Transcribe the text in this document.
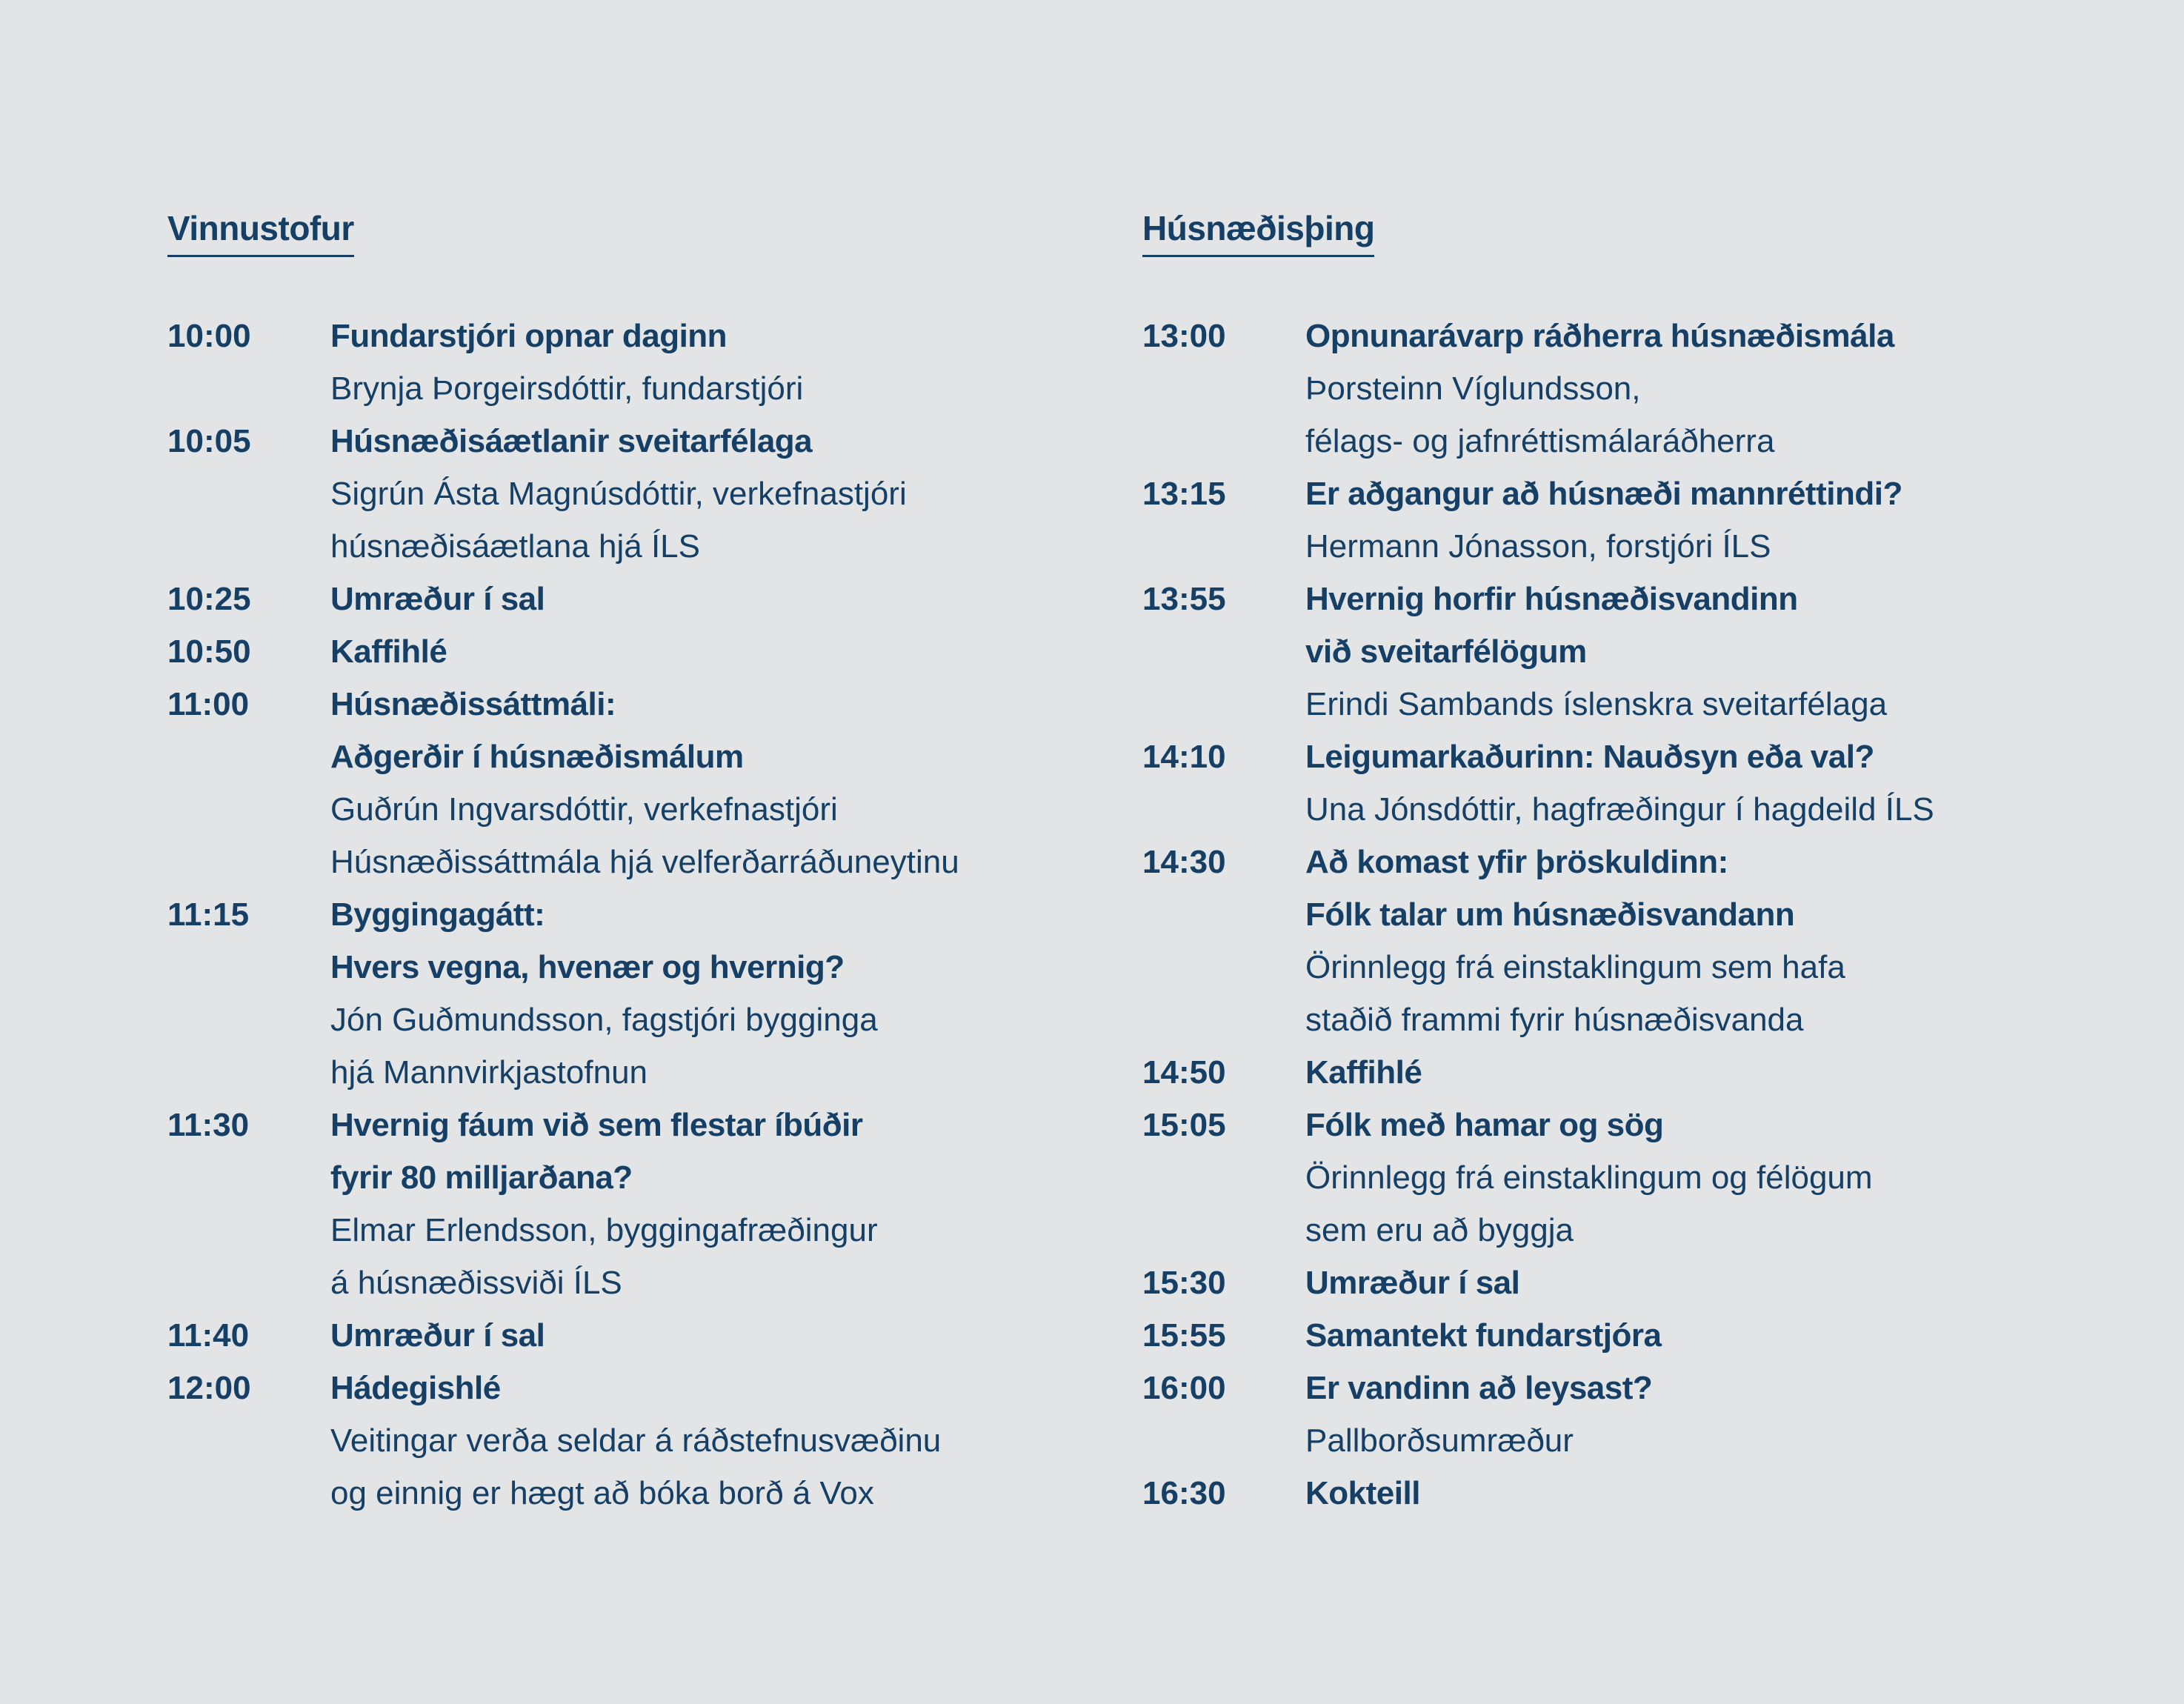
Vinnustofur
10:00 Fundarstjóri opnar daginn
Brynja Þorgeirsdóttir, fundarstjóri
10:05 Húsnæðisáætlanir sveitarfélaga
Sigrún Ásta Magnúsdóttir, verkefnastjóri
húsnæðisáætlana hjá ÍLS
10:25 Umræður í sal
10:50 Kaffihlé
11:00 Húsnæðissáttmáli:
Aðgerðir í húsnæðismálum
Guðrún Ingvarsdóttir, verkefnastjóri
Húsnæðissáttmála hjá velferðarráðuneytinu
11:15 Byggingagátt:
Hvers vegna, hvenær og hvernig?
Jón Guðmundsson, fagstjóri bygginga
hjá Mannvirkjastofnun
11:30 Hvernig fáum við sem flestar íbúðir
fyrir 80 milljarðana?
Elmar Erlendsson, byggingafræðingur
á húsnæðissviði ÍLS
11:40 Umræður í sal
12:00 Hádegishlé
Veitingar verða seldar á ráðstefnusvæðinu
og einnig er hægt að bóka borð á Vox
Húsnæðisþing
13:00 Opnunarávarp ráðherra húsnæðismála
Þorsteinn Víglundsson,
félags- og jafnréttismálaráðherra
13:15 Er aðgangur að húsnæði mannréttindi?
Hermann Jónasson, forstjóri ÍLS
13:55 Hvernig horfir húsnæðisvandinn
við sveitarfélögum
Erindi Sambands íslenskra sveitarfélaga
14:10 Leigumarkaðurinn: Nauðsyn eða val?
Una Jónsdóttir, hagfræðingur í hagdeild ÍLS
14:30 Að komast yfir þröskuldinn:
Fólk talar um húsnæðisvandann
Örinnlegg frá einstaklingum sem hafa
staðið frammi fyrir húsnæðisvanda
14:50 Kaffihlé
15:05 Fólk með hamar og sög
Örinnlegg frá einstaklingum og félögum
sem eru að byggja
15:30 Umræður í sal
15:55 Samantekt fundarstjóra
16:00 Er vandinn að leysast?
Pallborðsumræður
16:30 Kokteill
